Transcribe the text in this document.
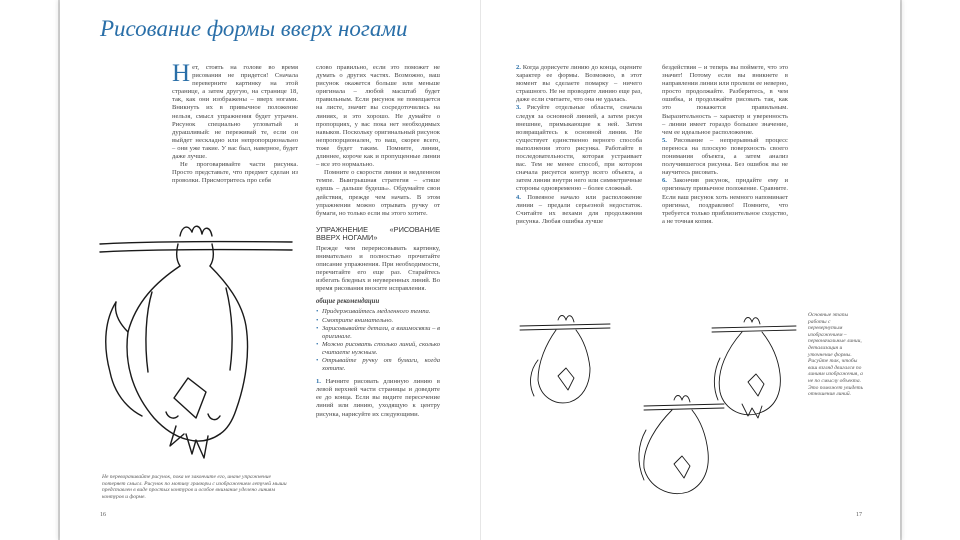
Рисование формы вверх ногами

Нет, стоять на голове во время рисования не придется! Сначала переверните картинку на этой странице, а затем другую, на странице 18, так, как они изображены – вверх ногами. Вникнуть их в привычное положение нельзя, смысл упражнения будет утрачен. Рисунок специально угловатый и дурашливый: не переживай те, если он выйдет нескладно или непропорционально – они уже такие. У вас был, наверное, будет даже лучше.

Не проговаривайте части рисунка. Просто представьте, что предмет сделан из проволки. Присмотритесь про себя

слово правильно, если это поможет не думать о других частях. Возможно, ваш рисунок окажется больше или меньше оригинала – любой масштаб будет правильным. Если рисунок не помещается на листе, значит вы сосредоточились на линиях, и это хорошо. Не думайте о пропорциях, у вас пока нет необходимых навыков. Поскольку оригинальный рисунок непропорционален, то ваш, скорее всего, тоже будет таким. Помните, линии, длиннее, короче как и пропущенные линии – все это нормально.

Помните о скорости линии и медленном темпе. Выигрышная стратегия – «тише едешь – дальше будешь». Обдумайте свои действия, прежде чем начать. В этом упражнении можно отрывать ручку от бумаги, но только если вы этого хотите.

УПРАЖНЕНИЕ «РИСОВАНИЕ ВВЕРХ НОГАМИ»

Прежде чем перерисовывать картинку, внимательно и полностью прочитайте описание упражнения. При необходимости, перечитайте его еще раз. Старайтесь избегать бледных и неуверенных линий. Во время рисования вносите исправления.

общие рекомендации
• Придерживайтесь медленного темпа.
• Смотрите внимательно.
• Зарисовывайте детали, а взаимосвязи – в оригинале.
• Можно рисовать столько линий, сколько считаете нужным.
• Отрывайте ручку от бумаги, когда хотите.

1. Начните рисовать длинную линию в левой верхней части страницы и доведите ее до конца. Если вы видите пересечение линий или линию, уходящую к центру рисунка, нарисуйте их следующими.

2. Когда дорисуете линию до конца, оцените характер ее формы. Возможно, в этот момент вы сделаете помарку – ничего страшного. Не не проводите линию еще раз, даже если считаете, что она не удалась.

3. Рисуйте отдельные области, сначала следуя за основной линией, а затем рисуя внешние, примыкающие к ней. Затем возвращайтесь к основной линии. Не существует единственно верного способа выполнения этого рисунка. Работайте в последовательности, которая устраивает вас. Тем не менее способ, при котором сначала рисуется контур всего объекта, а затем линии внутри него или симметричные стороны одновременно – более сложный.

4. Повеяное начало или расположение линии – предали серьезной недостаток. Считайте их вехами для продолжения рисунка. Любая ошибка лучше

бездействия – и теперь вы поймете, что это значит! Потому если вы вникнете в направлении линии или пролили ее неверно, просто продолжайте. Разберитесь, в чем ошибка, и продолжайте рисовать так, как это покажется правильным. Выразительность – характер и уверенность – линии имеет гораздо большее значение, чем ее идеальное расположение.

5. Рисование – непрерывный процесс переноса на плоскую поверхность своего понимания объекта, а затем анализ получившегося рисунка. Без ошибок вы не научитесь рисовать.

6. Закончив рисунок, прндайте ему и оригиналу привычное положение. Сравните. Если ваш рисунок хоть немного напоминает оригинал, поздравляю! Помните, что требуется только приблизительное сходство, а не точная копия.

Не переворачивайте рисунок, пока не закончите его, иначе упражнение потеряет смысл. Рисунок по мотиву гравюры с изображением летучей мыши представлен в виде простых контуров и особое внимание уделено линиям контуров и форме.
Основные этапы работы с перевернутым изображением – первоначальные линии, детализация и уточнение формы. Рисуйте так, чтобы ваш взгляд двигался по линиям изображения, а не по смыслу объекта. Это поможет увидеть отношения линий.
16	17
